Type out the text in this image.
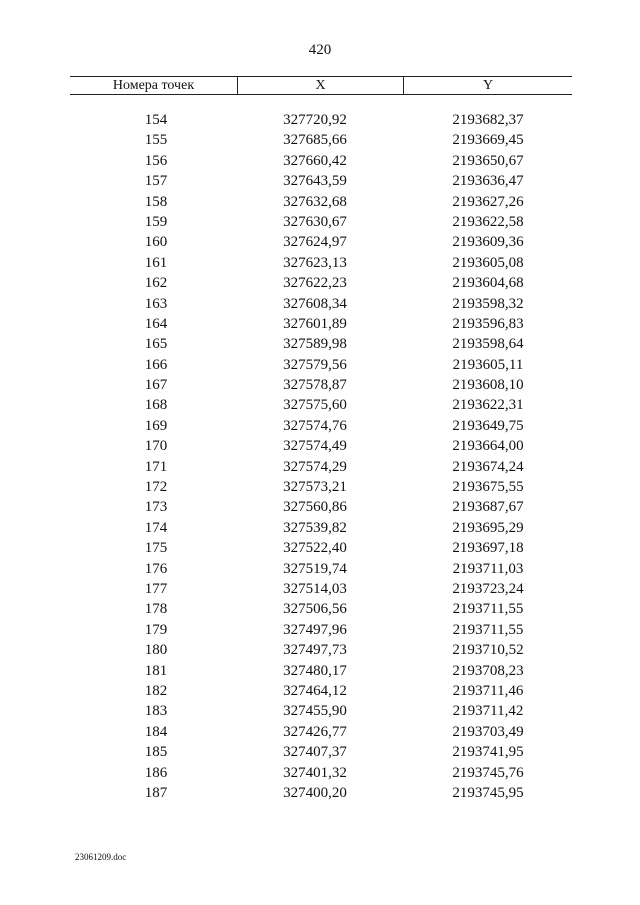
420
Номера точек	X	Y
154	327720,92	2193682,37
155	327685,66	2193669,45
156	327660,42	2193650,67
157	327643,59	2193636,47
158	327632,68	2193627,26
159	327630,67	2193622,58
160	327624,97	2193609,36
161	327623,13	2193605,08
162	327622,23	2193604,68
163	327608,34	2193598,32
164	327601,89	2193596,83
165	327589,98	2193598,64
166	327579,56	2193605,11
167	327578,87	2193608,10
168	327575,60	2193622,31
169	327574,76	2193649,75
170	327574,49	2193664,00
171	327574,29	2193674,24
172	327573,21	2193675,55
173	327560,86	2193687,67
174	327539,82	2193695,29
175	327522,40	2193697,18
176	327519,74	2193711,03
177	327514,03	2193723,24
178	327506,56	2193711,55
179	327497,96	2193711,55
180	327497,73	2193710,52
181	327480,17	2193708,23
182	327464,12	2193711,46
183	327455,90	2193711,42
184	327426,77	2193703,49
185	327407,37	2193741,95
186	327401,32	2193745,76
187	327400,20	2193745,95
23061209.doc
